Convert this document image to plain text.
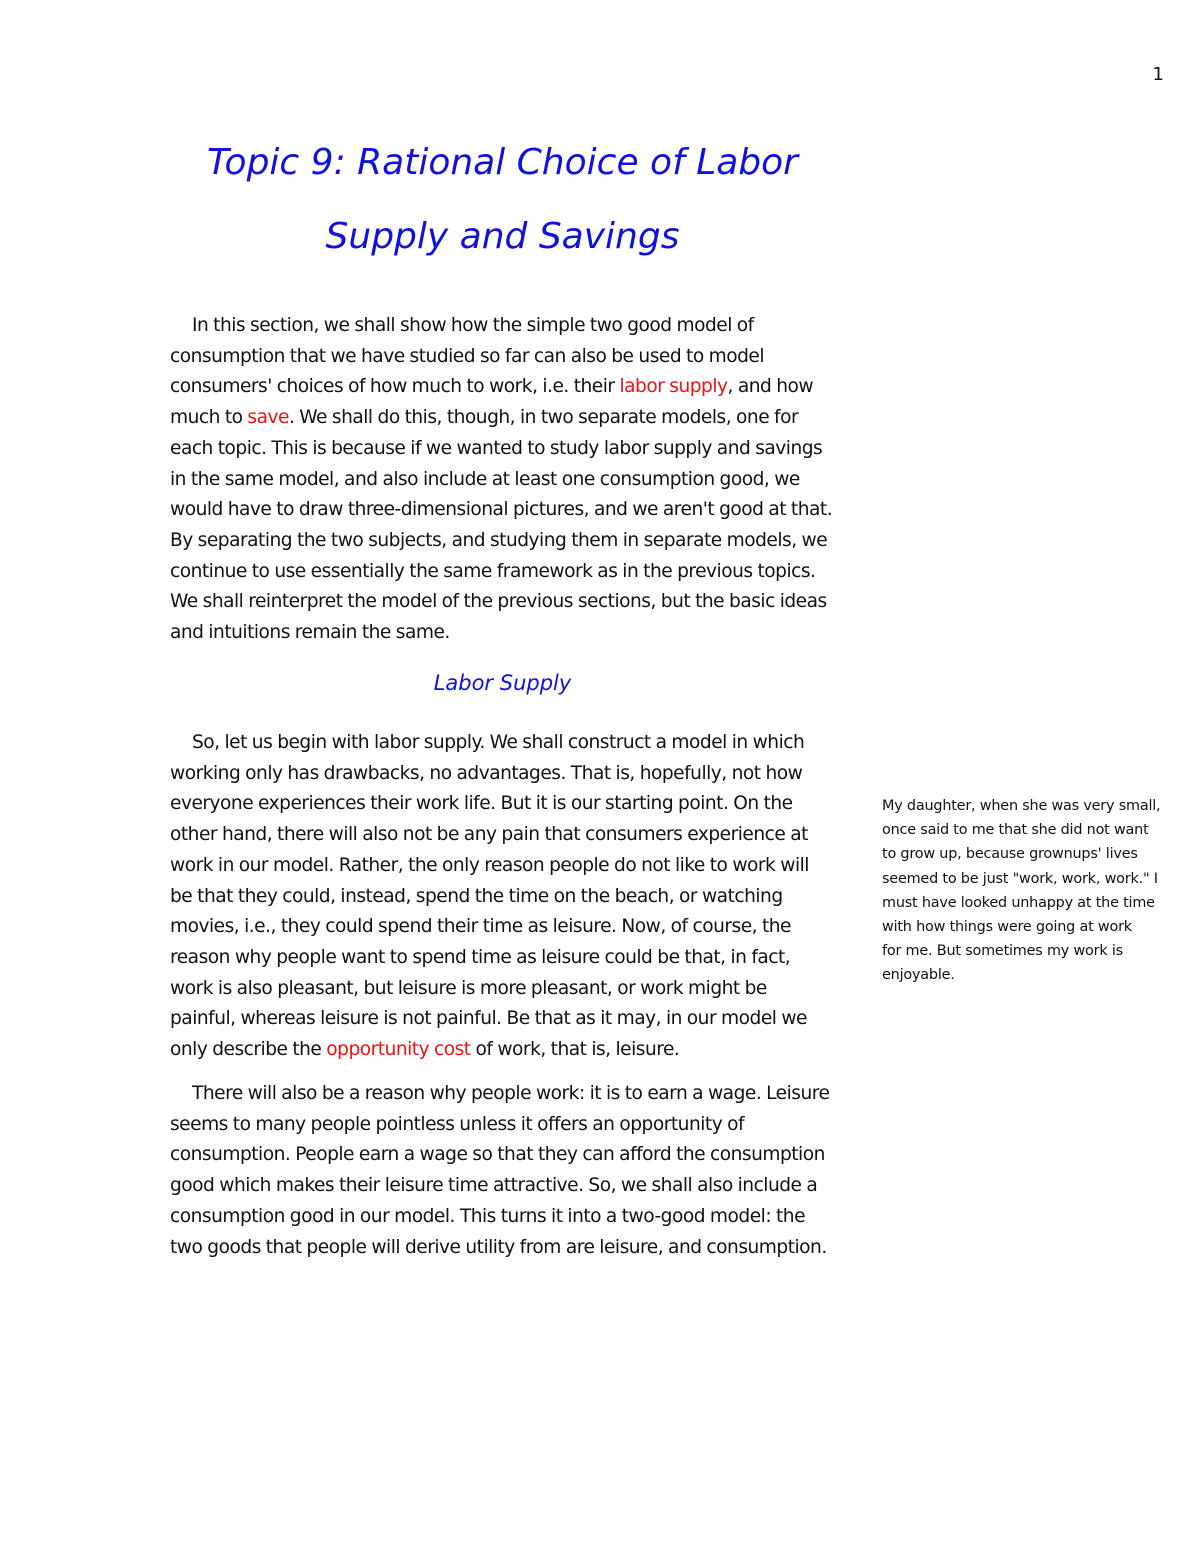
1
Topic 9: Rational Choice of Labor
Supply and Savings

In this section, we shall show how the simple two good model of consumption that we have studied so far can also be used to model consumers' choices of how much to work, i.e. their labor supply, and how much to save. We shall do this, though, in two separate models, one for each topic. This is because if we wanted to study labor supply and savings in the same model, and also include at least one consumption good, we would have to draw three-dimensional pictures, and we aren't good at that. By separating the two subjects, and studying them in separate models, we continue to use essentially the same framework as in the previous topics. We shall reinterpret the model of the previous sections, but the basic ideas and intuitions remain the same.

Labor Supply

So, let us begin with labor supply. We shall construct a model in which working only has drawbacks, no advantages. That is, hopefully, not how everyone experiences their work life. But it is our starting point. On the other hand, there will also not be any pain that consumers experience at work in our model. Rather, the only reason people do not like to work will be that they could, instead, spend the time on the beach, or watching movies, i.e., they could spend their time as leisure. Now, of course, the reason why people want to spend time as leisure could be that, in fact, work is also pleasant, but leisure is more pleasant, or work might be painful, whereas leisure is not painful. Be that as it may, in our model we only describe the opportunity cost of work, that is, leisure.

There will also be a reason why people work: it is to earn a wage. Leisure seems to many people pointless unless it offers an opportunity of consumption. People earn a wage so that they can afford the consumption good which makes their leisure time attractive. So, we shall also include a consumption good in our model. This turns it into a two-good model: the two goods that people will derive utility from are leisure, and consumption.

My daughter, when she was very small,
once said to me that she did not want
to grow up, because grownups' lives
seemed to be just "work, work, work." I
must have looked unhappy at the time
with how things were going at work
for me. But sometimes my work is
enjoyable.
